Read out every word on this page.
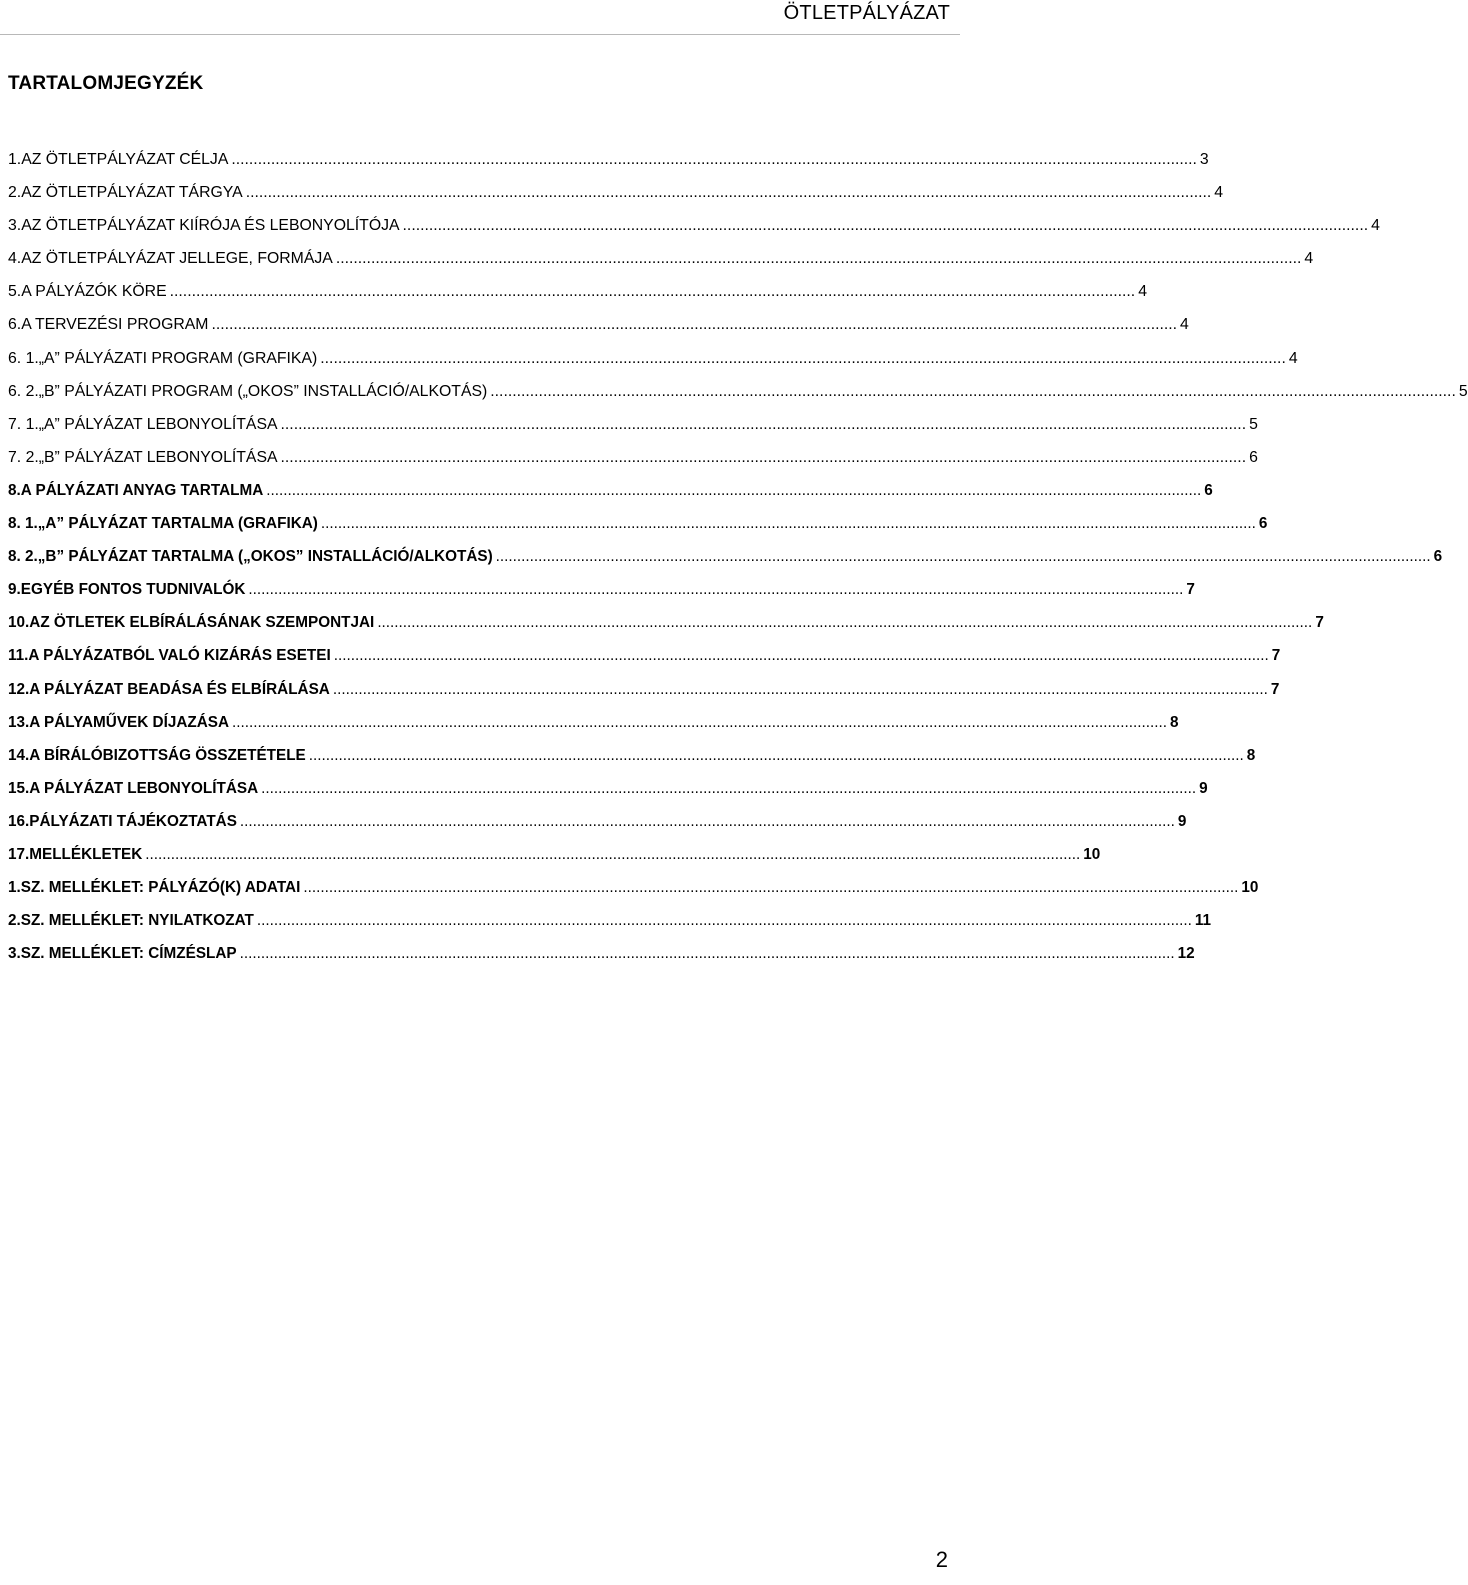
ÖTLETPÁLYÁZAT
TARTALOMJEGYZÉK
1. AZ ÖTLETPÁLYÁZAT CÉLJA ............................................................................................................................................................................................................................ 3
2. AZ ÖTLETPÁLYÁZAT TÁRGYA ............................................................................................................................................................................................................................ 4
3. AZ ÖTLETPÁLYÁZAT KIÍRÓJA ÉS LEBONYOLÍTÓJA ............................................................................................................................................................................................................................ 4
4. AZ ÖTLETPÁLYÁZAT JELLEGE, FORMÁJA ............................................................................................................................................................................................................................ 4
5. A PÁLYÁZÓK KÖRE ............................................................................................................................................................................................................................ 4
6. A TERVEZÉSI PROGRAM ............................................................................................................................................................................................................................ 4
6. 1. „A” PÁLYÁZATI PROGRAM (GRAFIKA) ............................................................................................................................................................................................................................ 4
6. 2. „B” PÁLYÁZATI PROGRAM („OKOS” INSTALLÁCIÓ/ALKOTÁS) ............................................................................................................................................................................................................................ 5
7. 1. „A” PÁLYÁZAT LEBONYOLÍTÁSA ............................................................................................................................................................................................................................ 5
7. 2. „B” PÁLYÁZAT LEBONYOLÍTÁSA ............................................................................................................................................................................................................................ 6
8. A PÁLYÁZATI ANYAG TARTALMA ............................................................................................................................................................................................................................ 6
8. 1. „A” PÁLYÁZAT TARTALMA (GRAFIKA) ............................................................................................................................................................................................................................ 6
8. 2. „B” PÁLYÁZAT TARTALMA („OKOS” INSTALLÁCIÓ/ALKOTÁS) ............................................................................................................................................................................................................................ 6
9. EGYÉB FONTOS TUDNIVALÓK ............................................................................................................................................................................................................................ 7
10. AZ ÖTLETEK ELBÍRÁLÁSÁNAK SZEMPONTJAI ............................................................................................................................................................................................................................ 7
11. A PÁLYÁZATBÓL VALÓ KIZÁRÁS ESETEI ............................................................................................................................................................................................................................ 7
12. A PÁLYÁZAT BEADÁSA ÉS ELBÍRÁLÁSA ............................................................................................................................................................................................................................ 7
13. A PÁLYAMŰVEK DÍJAZÁSA ............................................................................................................................................................................................................................ 8
14. A BÍRÁLÓBIZOTTSÁG ÖSSZETÉTELE ............................................................................................................................................................................................................................ 8
15. A PÁLYÁZAT LEBONYOLÍTÁSA ............................................................................................................................................................................................................................ 9
16. PÁLYÁZATI TÁJÉKOZTATÁS ............................................................................................................................................................................................................................ 9
17. MELLÉKLETEK ............................................................................................................................................................................................................................ 10
1. SZ. MELLÉKLET: PÁLYÁZÓ(K) ADATAI ............................................................................................................................................................................................................................ 10
2. SZ. MELLÉKLET: NYILATKOZAT ............................................................................................................................................................................................................................ 11
3. SZ. MELLÉKLET: CÍMZÉSLAP ............................................................................................................................................................................................................................ 12
2
